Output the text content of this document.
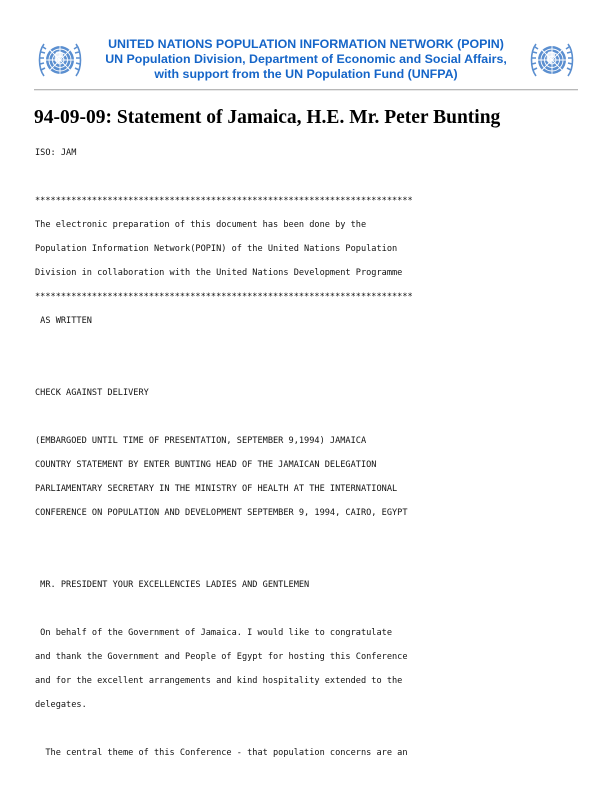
UNITED NATIONS POPULATION INFORMATION NETWORK (POPIN)
UN Population Division, Department of Economic and Social Affairs,
with support from the UN Population Fund (UNFPA)
94-09-09: Statement of Jamaica, H.E. Mr. Peter Bunting
ISO: JAM
*************************************************************************
The electronic preparation of this document has been done by the
Population Information Network(POPIN) of the United Nations Population
Division in collaboration with the United Nations Development Programme
*************************************************************************
AS WRITTEN
CHECK AGAINST DELIVERY
(EMBARGOED UNTIL TIME OF PRESENTATION, SEPTEMBER 9,1994) JAMAICA
COUNTRY STATEMENT BY ENTER BUNTING HEAD OF THE JAMAICAN DELEGATION
PARLIAMENTARY SECRETARY IN THE MINISTRY OF HEALTH AT THE INTERNATIONAL
CONFERENCE ON POPULATION AND DEVELOPMENT SEPTEMBER 9, 1994, CAIRO, EGYPT
MR. PRESIDENT YOUR EXCELLENCIES LADIES AND GENTLEMEN
On behalf of the Government of Jamaica. I would like to congratulate
and thank the Government and People of Egypt for hosting this Conference
and for the excellent arrangements and kind hospitality extended to the
delegates.
The central theme of this Conference - that population concerns are an
